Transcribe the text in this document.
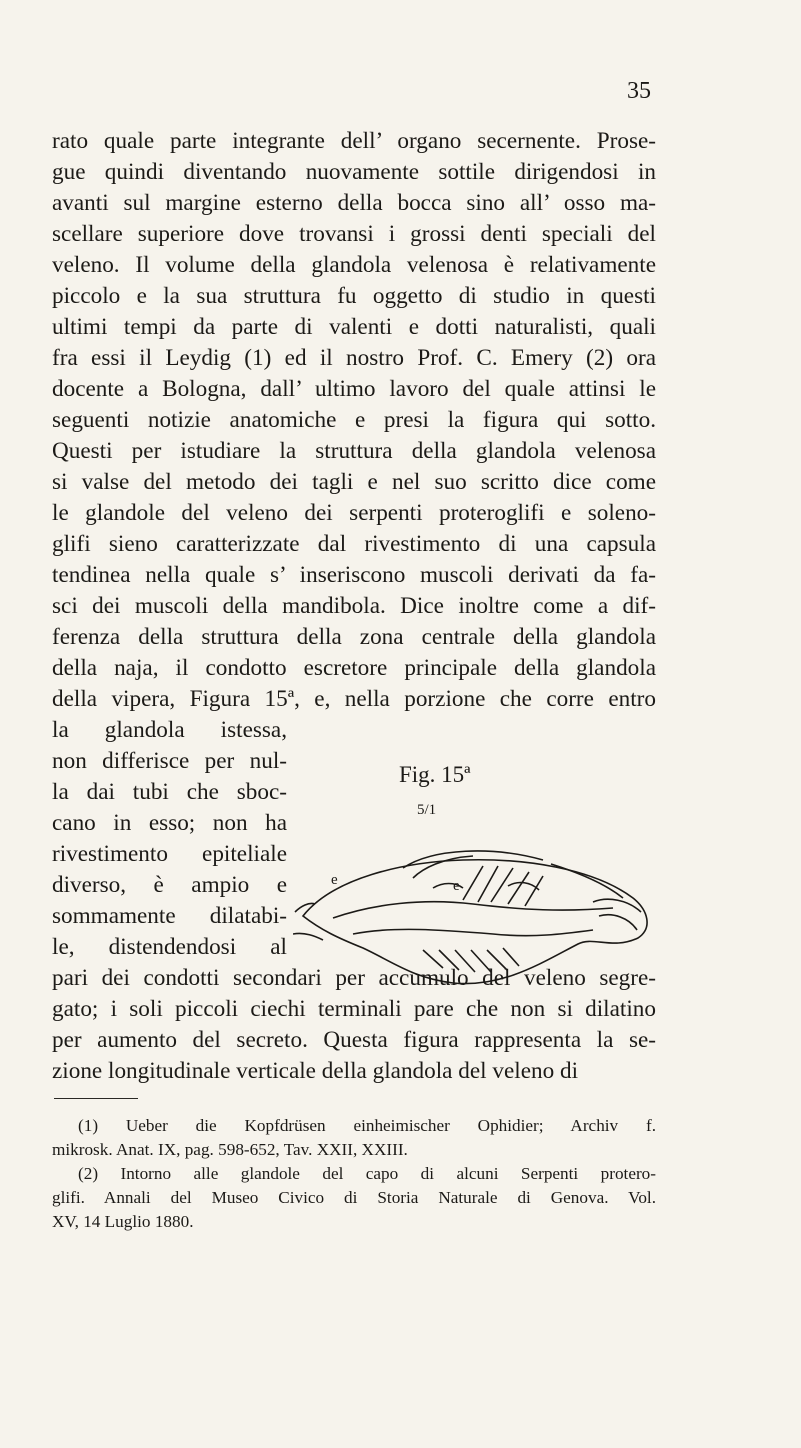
35
rato quale parte integrante dell’ organo secernente. Prose-
gue quindi diventando nuovamente sottile dirigendosi in
avanti sul margine esterno della bocca sino all’ osso ma-
scellare superiore dove trovansi i grossi denti speciali del
veleno. Il volume della glandola velenosa è relativamente
piccolo e la sua struttura fu oggetto di studio in questi
ultimi tempi da parte di valenti e dotti naturalisti, quali
fra essi il Leydig (1) ed il nostro Prof. C. Emery (2) ora
docente a Bologna, dall’ ultimo lavoro del quale attinsi le
seguenti notizie anatomiche e presi la figura qui sotto.
Questi per istudiare la struttura della glandola velenosa
si valse del metodo dei tagli e nel suo scritto dice come
le glandole del veleno dei serpenti proteroglifi e soleno-
glifi sieno caratterizzate dal rivestimento di una capsula
tendinea nella quale s’ inseriscono muscoli derivati da fa-
sci dei muscoli della mandibola. Dice inoltre come a dif-
ferenza della struttura della zona centrale della glandola
della naja, il condotto escretore principale della glandola
della vipera, Figura 15ª, e, nella porzione che corre entro
la glandola istessa,
non differisce per nul-
la dai tubi che sboc-
cano in esso; non ha
rivestimento epiteliale
diverso, è ampio e
sommamente dilatabi-
le, distendendosi al
pari dei condotti secondari per accumulo del veleno segre-
gato; i soli piccoli ciechi terminali pare che non si dilatino
per aumento del secreto. Questa figura rappresenta la se-
zione longitudinale verticale della glandola del veleno di
Fig. 15ª
5/1
e	e
(1) Ueber die Kopfdrüsen einheimischer Ophidier; Archiv f.
mikrosk. Anat. IX, pag. 598-652, Tav. XXII, XXIII.
(2) Intorno alle glandole del capo di alcuni Serpenti protero-
glifi. Annali del Museo Civico di Storia Naturale di Genova. Vol.
XV, 14 Luglio 1880.
